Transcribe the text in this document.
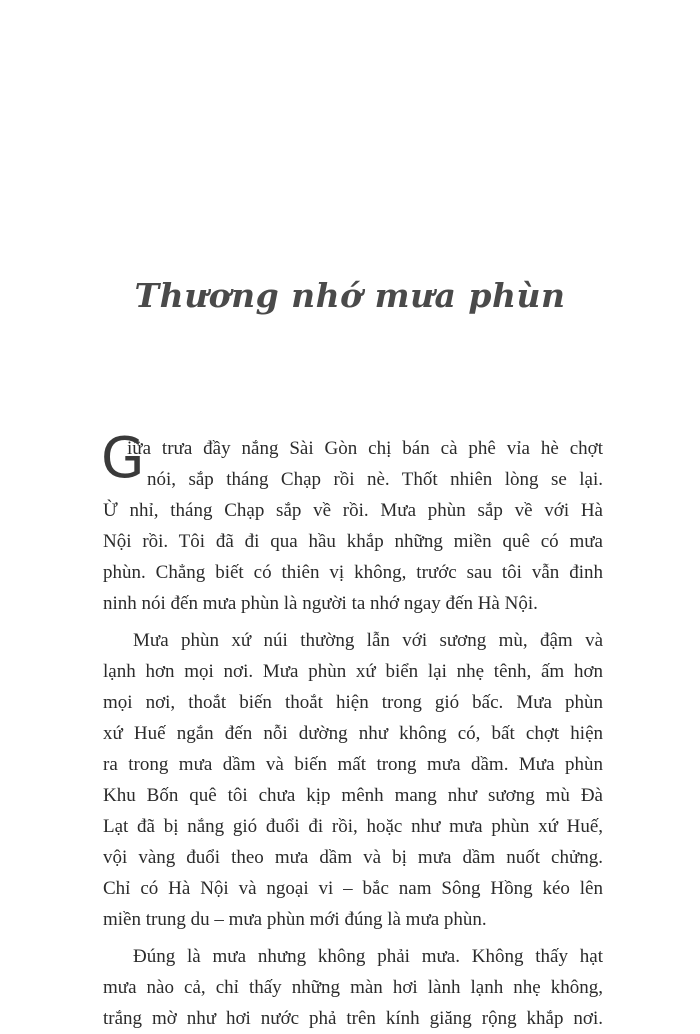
Thương nhớ mưa phùn
G
iữa trưa đầy nắng Sài Gòn chị bán cà phê vỉa hè chợt
nói, sắp tháng Chạp rồi nè. Thốt nhiên lòng se lại.
Ừ nhỉ, tháng Chạp sắp về rồi. Mưa phùn sắp về với Hà
Nội rồi. Tôi đã đi qua hầu khắp những miền quê có mưa
phùn. Chẳng biết có thiên vị không, trước sau tôi vẫn đinh
ninh nói đến mưa phùn là người ta nhớ ngay đến Hà Nội.
Mưa phùn xứ núi thường lẫn với sương mù, đậm và
lạnh hơn mọi nơi. Mưa phùn xứ biển lại nhẹ tênh, ấm hơn
mọi nơi, thoắt biến thoắt hiện trong gió bấc. Mưa phùn
xứ Huế ngắn đến nỗi dường như không có, bất chợt hiện
ra trong mưa dầm và biến mất trong mưa dầm. Mưa phùn
Khu Bốn quê tôi chưa kịp mênh mang như sương mù Đà
Lạt đã bị nắng gió đuổi đi rồi, hoặc như mưa phùn xứ Huế,
vội vàng đuổi theo mưa dầm và bị mưa dầm nuốt chửng.
Chỉ có Hà Nội và ngoại vi – bắc nam Sông Hồng kéo lên
miền trung du – mưa phùn mới đúng là mưa phùn.
Đúng là mưa nhưng không phải mưa. Không thấy hạt
mưa nào cả, chỉ thấy những màn hơi lành lạnh nhẹ không,
trắng mờ như hơi nước phả trên kính giăng rộng khắp nơi.
